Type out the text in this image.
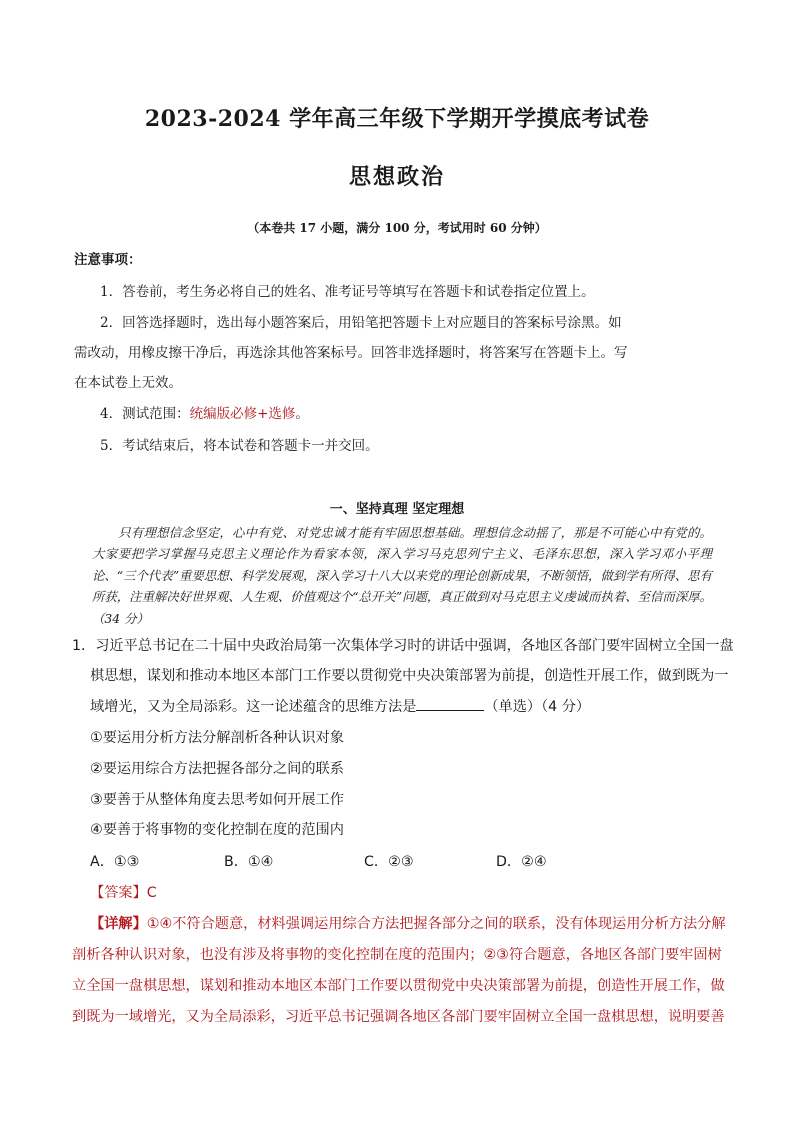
2023-2024 学年高三年级下学期开学摸底考试卷
思想政治
（本卷共 17 小题，满分 100 分，考试用时 60 分钟）
注意事项：
1．答卷前，考生务必将自己的姓名、准考证号等填写在答题卡和试卷指定位置上。
2．回答选择题时，选出每小题答案后，用铅笔把答题卡上对应题目的答案标号涂黑。如
需改动，用橡皮擦干净后，再选涂其他答案标号。回答非选择题时，将答案写在答题卡上。写
在本试卷上无效。
4．测试范围：统编版必修+选修。
5．考试结束后，将本试卷和答题卡一并交回。
一、坚持真理 坚定理想
只有理想信念坚定，心中有党、对党忠诚才能有牢固思想基础。理想信念动摇了，那是不可能心中有党的。大家要把学习掌握马克思主义理论作为看家本领，深入学习马克思列宁主义、毛泽东思想，深入学习邓小平理论、“三个代表”重要思想、科学发展观，深入学习十八大以来党的理论创新成果，不断领悟，做到学有所得、思有所获，注重解决好世界观、人生观、价值观这个“总开关”问题，真正做到对马克思主义虔诚而执着、至信而深厚。（34 分）
1．习近平总书记在二十届中央政治局第一次集体学习时的讲话中强调，各地区各部门要牢固树立全国一盘
棋思想，谋划和推动本地区本部门工作要以贯彻党中央决策部署为前提，创造性开展工作，做到既为一
域增光，又为全局添彩。这一论述蕴含的思维方法是	（单选）（4 分）
①要运用分析方法分解剖析各种认识对象
②要运用综合方法把握各部分之间的联系
③要善于从整体角度去思考如何开展工作
④要善于将事物的变化控制在度的范围内
A．①③	B．①④	C．②③	D．②④
【答案】C
【详解】①④不符合题意，材料强调运用综合方法把握各部分之间的联系，没有体现运用分析方法分解
剖析各种认识对象，也没有涉及将事物的变化控制在度的范围内；②③符合题意，各地区各部门要牢固树
立全国一盘棋思想，谋划和推动本地区本部门工作要以贯彻党中央决策部署为前提，创造性开展工作，做
到既为一域增光，又为全局添彩，习近平总书记强调各地区各部门要牢固树立全国一盘棋思想，说明要善
